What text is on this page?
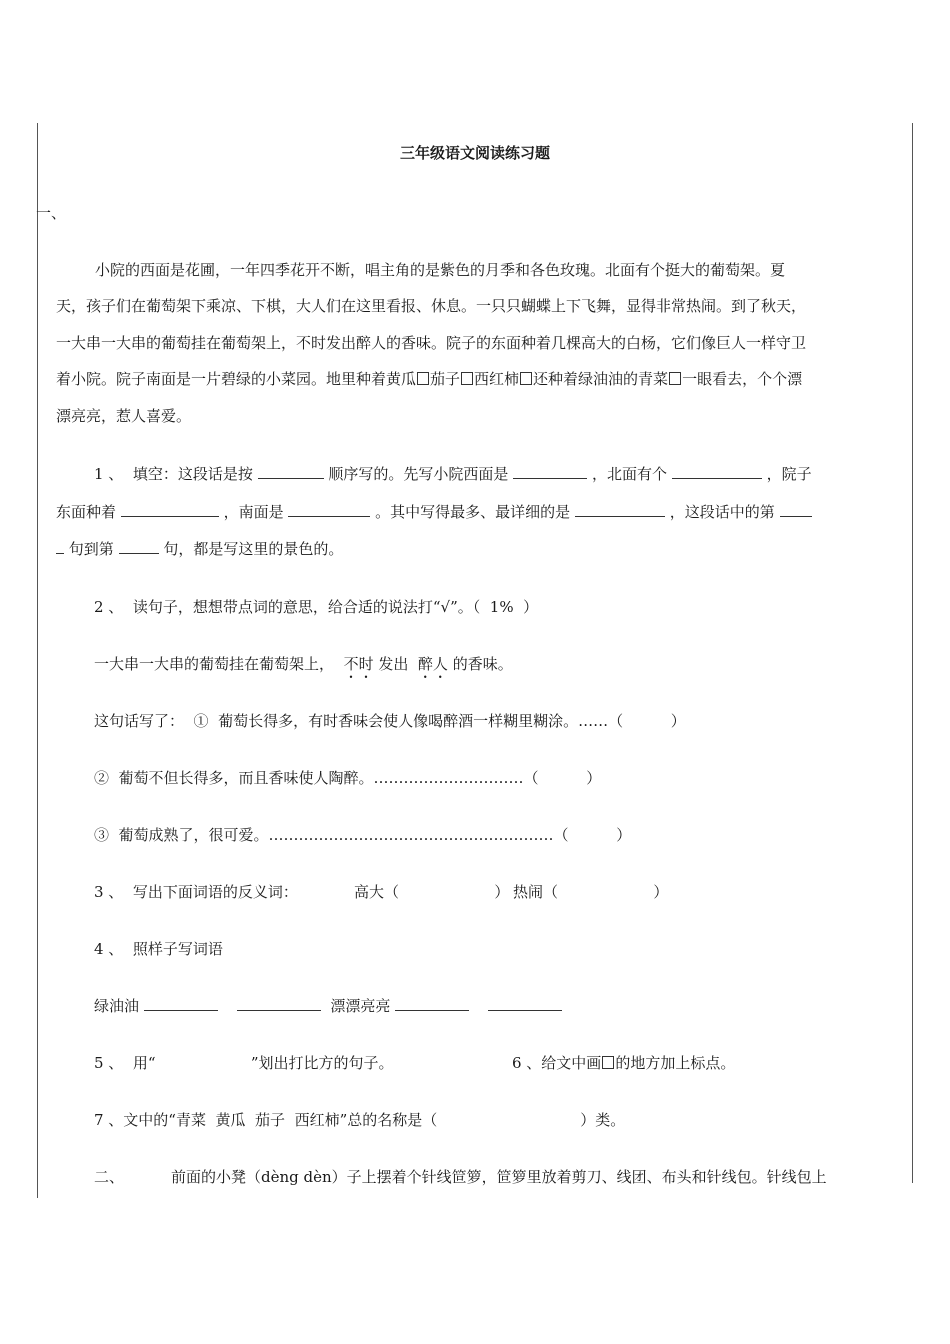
三年级语文阅读练习题
一、
小院的西面是花圃，一年四季花开不断，唱主角的是紫色的月季和各色玫瑰。北面有个挺大的葡萄架。夏
天，孩子们在葡萄架下乘凉、下棋，大人们在这里看报、休息。一只只蝴蝶上下飞舞，显得非常热闹。到了秋天，
一大串一大串的葡萄挂在葡萄架上，不时发出醉人的香味。院子的东面种着几棵高大的白杨，它们像巨人一样守卫
着小院。院子南面是一片碧绿的小菜园。地里种着黄瓜 茄子 西红柿 还种着绿油油的青菜 一眼看去，个个漂
漂亮亮，惹人喜爱。
1 、  填空：这段话是按	顺序写的。先写小院西面是	，北面有个	，院子
东面种着	，南面是	。其中写得最多、最详细的是	，这段话中的第
句到第	句，都是写这里的景色的。
2 、  读句子，想想带点词的意思，给合适的说法打“√”。（  1%  ）
一大串一大串的葡萄挂在葡萄架上， 不时 发出 醉人 的香味。
这句话写了：  ①  葡萄长得多，有时香味会使人像喝醉酒一样糊里糊涂。……（          ）
②  葡萄不但长得多，而且香味使人陶醉。…………………………（          ）
③  葡萄成熟了，很可爱。…………………………………………………（          ）
3 、  写出下面词语的反义词：	高大（                    ） 热闹（                    ）
4 、  照样子写词语
绿油油	漂漂亮亮
5 、  用“                    ”划出打比方的句子。	6 、给文中画 的地方加上标点。
7 、文中的“青菜  黄瓜  茄子  西红柿”总的名称是（                              ）类。
二、	前面的小凳（dèng dèn）子上摆着个针线笸箩，笸箩里放着剪刀、线团、布头和针线包。针线包上
